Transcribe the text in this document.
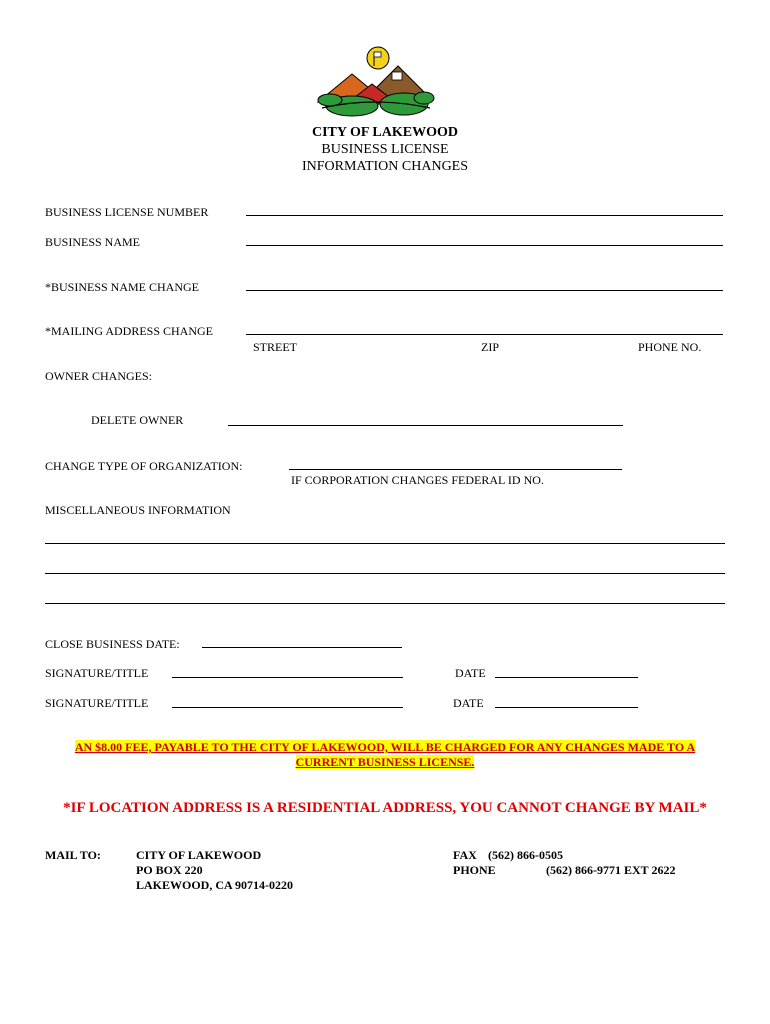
CITY OF LAKEWOOD
BUSINESS LICENSE
INFORMATION CHANGES
BUSINESS LICENSE NUMBER
BUSINESS NAME
*BUSINESS NAME CHANGE
*MAILING ADDRESS CHANGE
STREET	ZIP	PHONE NO.
OWNER CHANGES:
DELETE OWNER
CHANGE TYPE OF ORGANIZATION:
IF CORPORATION CHANGES FEDERAL ID NO.
MISCELLANEOUS INFORMATION
CLOSE BUSINESS DATE:
SIGNATURE/TITLE	DATE
SIGNATURE/TITLE	DATE
AN $8.00 FEE, PAYABLE TO THE CITY OF LAKEWOOD, WILL BE CHARGED FOR ANY CHANGES MADE TO A
CURRENT BUSINESS LICENSE.
*IF LOCATION ADDRESS IS A RESIDENTIAL ADDRESS, YOU CANNOT CHANGE BY MAIL*
MAIL TO:	CITY OF LAKEWOOD
PO BOX 220
LAKEWOOD, CA 90714-0220
FAX (562) 866-0505
PHONE	(562) 866-9771 EXT 2622
